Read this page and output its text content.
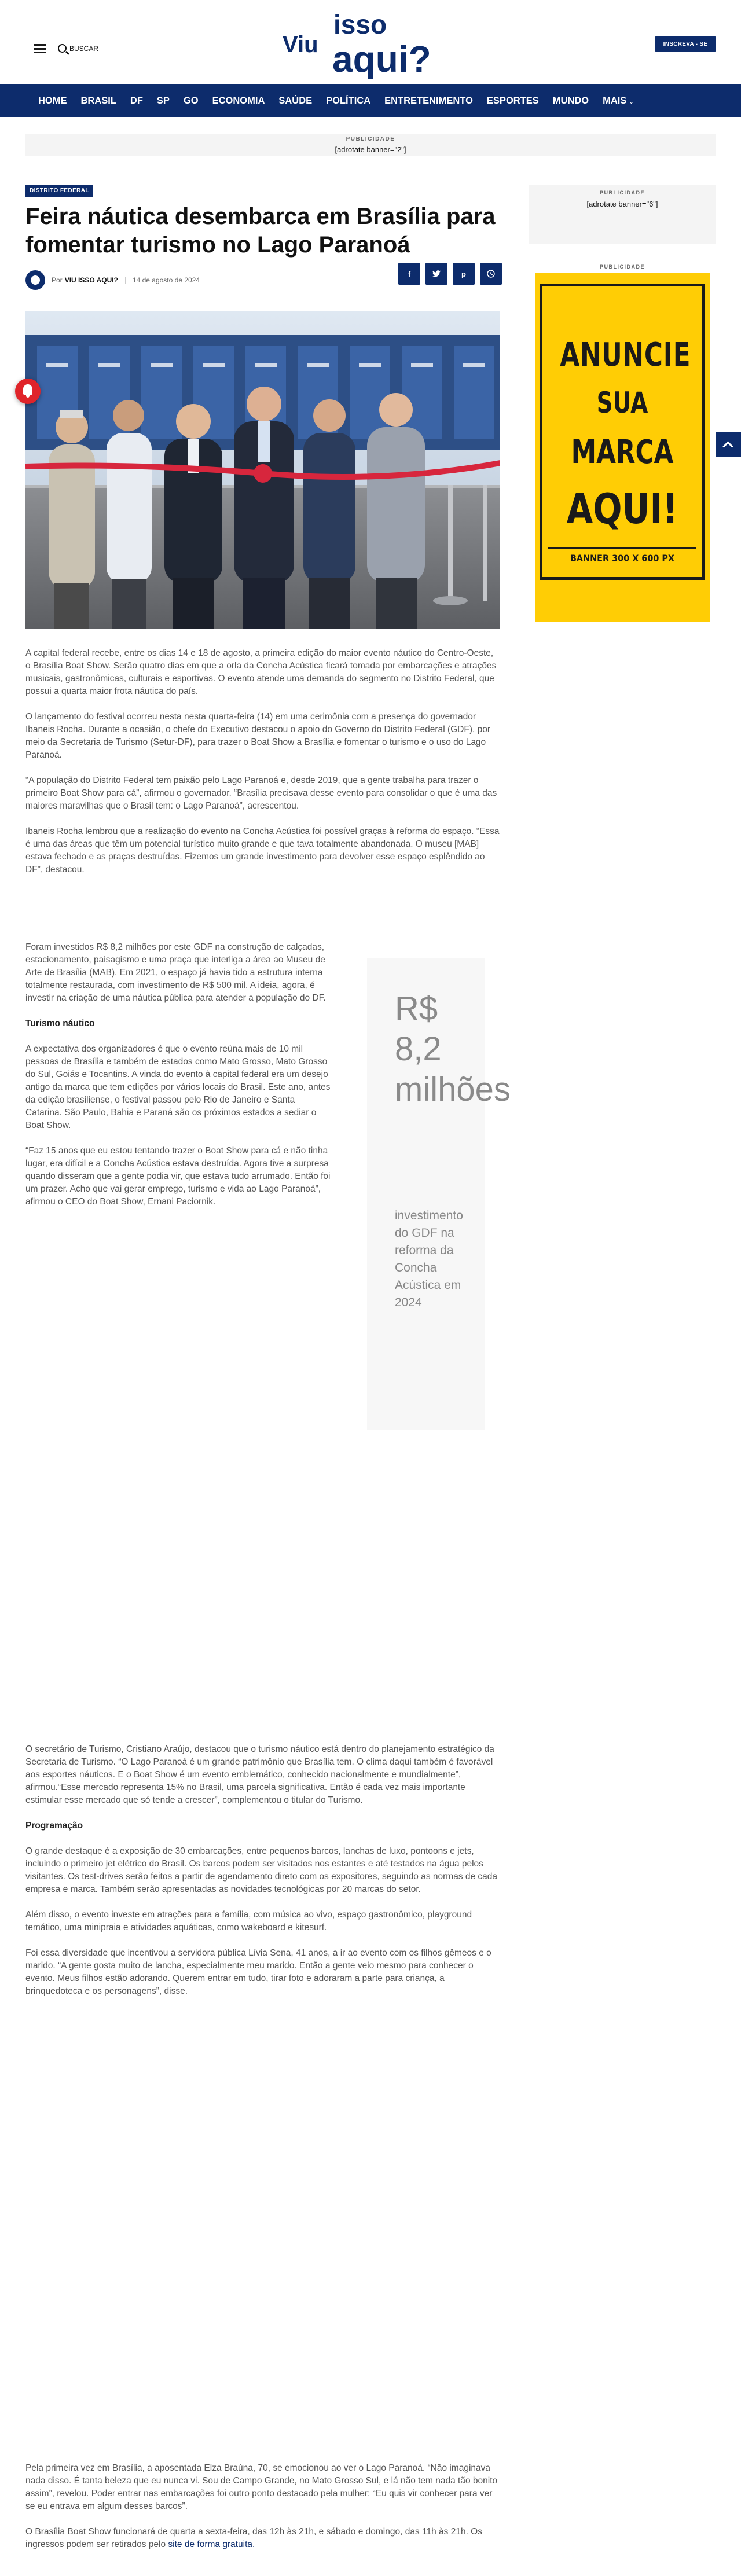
BUSCAR
isso
Viu aqui?	INSCREVA - SE
HOME	BRASIL	DF	SP	GO	ECONOMIA	SAÚDE	POLÍTICA	ENTRETENIMENTO	ESPORTES	MUNDO	MAIS ⌄
PUBLICIDADE
[adrotate banner="2"]
DISTRITO FEDERAL
Feira náutica desembarca em Brasília para fomentar turismo no Lago Paranoá
Por VIU ISSO AQUI? 14 de agosto de 2024
f	p

A capital federal recebe, entre os dias 14 e 18 de agosto, a primeira edição do maior evento náutico do Centro-Oeste, o Brasília Boat Show. Serão quatro dias em que a orla da Concha Acústica ficará tomada por embarcações e atrações musicais, gastronômicas, culturais e esportivas. O evento atende uma demanda do segmento no Distrito Federal, que possui a quarta maior frota náutica do país.

O lançamento do festival ocorreu nesta nesta quarta-feira (14) em uma cerimônia com a presença do governador Ibaneis Rocha. Durante a ocasião, o chefe do Executivo destacou o apoio do Governo do Distrito Federal (GDF), por meio da Secretaria de Turismo (Setur-DF), para trazer o Boat Show a Brasília e fomentar o turismo e o uso do Lago Paranoá.

“A população do Distrito Federal tem paixão pelo Lago Paranoá e, desde 2019, que a gente trabalha para trazer o primeiro Boat Show para cá”, afirmou o governador. “Brasília precisava desse evento para consolidar o que é uma das maiores maravilhas que o Brasil tem: o Lago Paranoá”, acrescentou.

Ibaneis Rocha lembrou que a realização do evento na Concha Acústica foi possível graças à reforma do espaço. “Essa é uma das áreas que têm um potencial turístico muito grande e que tava totalmente abandonada. O museu [MAB] estava fechado e as praças destruídas. Fizemos um grande investimento para devolver esse espaço esplêndido ao DF”, destacou.

Foram investidos R$ 8,2 milhões por este GDF na construção de calçadas, estacionamento, paisagismo e uma praça que interliga a área ao Museu de Arte de Brasília (MAB). Em 2021, o espaço já havia tido a estrutura interna totalmente restaurada, com investimento de R$ 500 mil. A ideia, agora, é investir na criação de uma náutica pública para atender a população do DF.

Turismo náutico

A expectativa dos organizadores é que o evento reúna mais de 10 mil pessoas de Brasília e também de estados como Mato Grosso, Mato Grosso do Sul, Goiás e Tocantins. A vinda do evento à capital federal era um desejo antigo da marca que tem edições por vários locais do Brasil. Este ano, antes da edição brasiliense, o festival passou pelo Rio de Janeiro e Santa Catarina. São Paulo, Bahia e Paraná são os próximos estados a sediar o Boat Show.

“Faz 15 anos que eu estou tentando trazer o Boat Show para cá e não tinha lugar, era difícil e a Concha Acústica estava destruída. Agora tive a surpresa quando disseram que a gente podia vir, que estava tudo arrumado. Então foi um prazer. Acho que vai gerar emprego, turismo e vida ao Lago Paranoá”, afirmou o CEO do Boat Show, Ernani Paciornik.

R$ 8,2 milhões
investimento do GDF na reforma da Concha Acústica em 2024

O secretário de Turismo, Cristiano Araújo, destacou que o turismo náutico está dentro do planejamento estratégico da Secretaria de Turismo. “O Lago Paranoá é um grande patrimônio que Brasília tem. O clima daqui também é favorável aos esportes náuticos. E o Boat Show é um evento emblemático, conhecido nacionalmente e mundialmente”, afirmou.“Esse mercado representa 15% no Brasil, uma parcela significativa. Então é cada vez mais importante estimular esse mercado que só tende a crescer”, complementou o titular do Turismo.

Programação

O grande destaque é a exposição de 30 embarcações, entre pequenos barcos, lanchas de luxo, pontoons e jets, incluindo o primeiro jet elétrico do Brasil. Os barcos podem ser visitados nos estantes e até testados na água pelos visitantes. Os test-drives serão feitos a partir de agendamento direto com os expositores, seguindo as normas de cada empresa e marca. Também serão apresentadas as novidades tecnológicas por 20 marcas do setor.

Além disso, o evento investe em atrações para a família, com música ao vivo, espaço gastronômico, playground temático, uma minipraia e atividades aquáticas, como wakeboard e kitesurf.

Foi essa diversidade que incentivou a servidora pública Lívia Sena, 41 anos, a ir ao evento com os filhos gêmeos e o marido. “A gente gosta muito de lancha, especialmente meu marido. Então a gente veio mesmo para conhecer o evento. Meus filhos estão adorando. Querem entrar em tudo, tirar foto e adoraram a parte para criança, a brinquedoteca e os personagens”, disse.

Pela primeira vez em Brasília, a aposentada Elza Braúna, 70, se emocionou ao ver o Lago Paranoá. “Não imaginava nada disso. É tanta beleza que eu nunca vi. Sou de Campo Grande, no Mato Grosso Sul, e lá não tem nada tão bonito assim”, revelou. Poder entrar nas embarcações foi outro ponto destacado pela mulher: “Eu quis vir conhecer para ver se eu entrava em algum desses barcos”.

O Brasília Boat Show funcionará de quarta a sexta-feira, das 12h às 21h, e sábado e domingo, das 11h às 21h. Os ingressos podem ser retirados pelo site de forma gratuita.

PUBLICIDADE
[adrotate banner="6"]
PUBLICIDADE
ANUNCIE
SUA
MARCA
AQUI!
BANNER 300 X 600 PX
